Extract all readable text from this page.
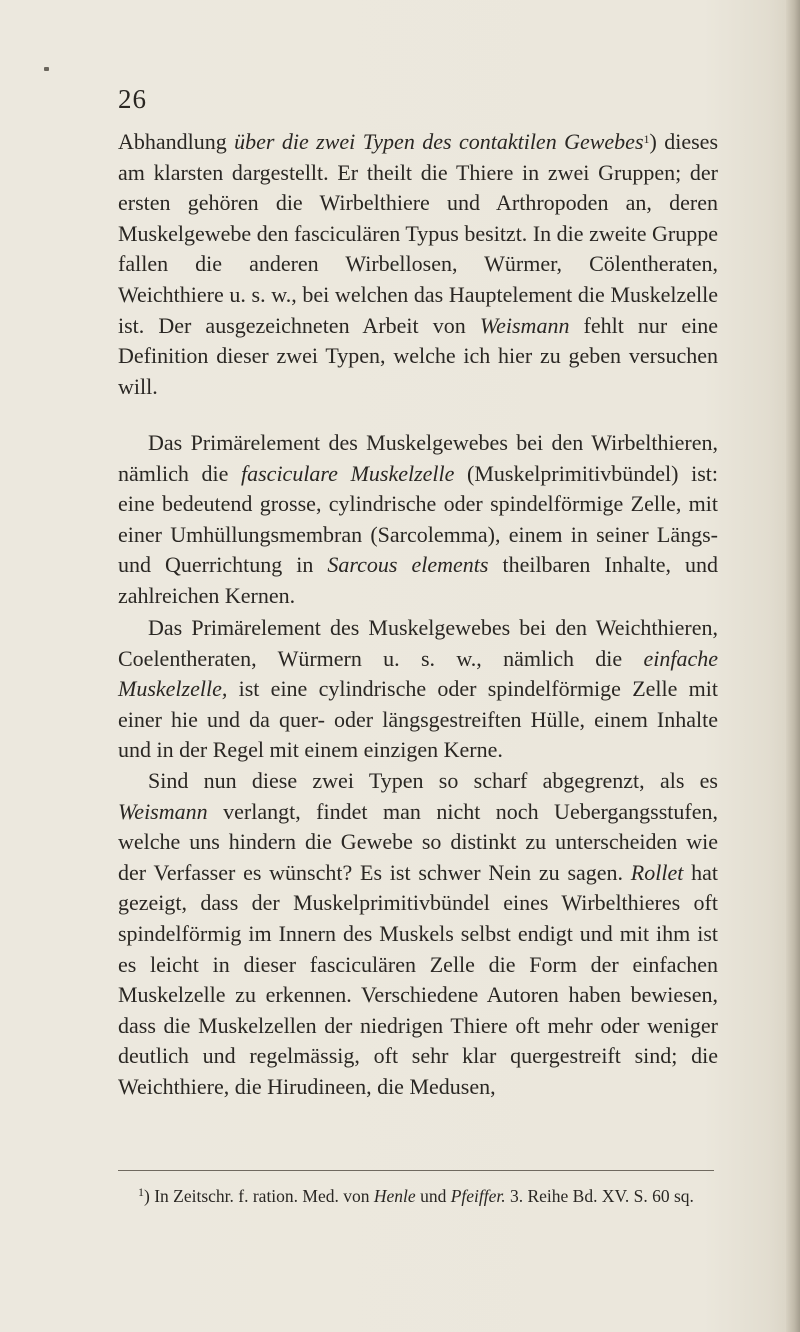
26

Abhandlung über die zwei Typen des contaktilen Gewebes$^1$) dieses am klarsten dargestellt. Er theilt die Thiere in zwei Gruppen; der ersten gehören die Wirbelthiere und Arthropoden an, deren Muskelgewebe den fasciculären Typus besitzt. In die zweite Gruppe fallen die anderen Wirbellosen, Würmer, Cölentheraten, Weichthiere u. s. w., bei welchen das Hauptelement die Muskelzelle ist. Der ausgezeichneten Arbeit von Weismann fehlt nur eine Definition dieser zwei Typen, welche ich hier zu geben versuchen will.

Das Primärelement des Muskelgewebes bei den Wirbelthieren, nämlich die fasciculare Muskelzelle (Muskelprimitivbündel) ist: eine bedeutend grosse, cylindrische oder spindelförmige Zelle, mit einer Umhüllungsmembran (Sarcolemma), einem in seiner Längs- und Querrichtung in Sarcous elements theilbaren Inhalte, und zahlreichen Kernen.

Das Primärelement des Muskelgewebes bei den Weichthieren, Coelentheraten, Würmern u. s. w., nämlich die einfache Muskelzelle, ist eine cylindrische oder spindelförmige Zelle mit einer hie und da quer- oder längsgestreiften Hülle, einem Inhalte und in der Regel mit einem einzigen Kerne.

Sind nun diese zwei Typen so scharf abgegrenzt, als es Weismann verlangt, findet man nicht noch Uebergangsstufen, welche uns hindern die Gewebe so distinkt zu unterscheiden wie der Verfasser es wünscht? Es ist schwer Nein zu sagen. Rollet hat gezeigt, dass der Muskelprimitivbündel eines Wirbelthieres oft spindelförmig im Innern des Muskels selbst endigt und mit ihm ist es leicht in dieser fasciculären Zelle die Form der einfachen Muskelzelle zu erkennen. Verschiedene Autoren haben bewiesen, dass die Muskelzellen der niedrigen Thiere oft mehr oder weniger deutlich und regelmässig, oft sehr klar quergestreift sind; die Weichthiere, die Hirudineen, die Medusen,

$^1$) In Zeitschr. f. ration. Med. von Henle und Pfeiffer. 3. Reihe Bd. XV. S. 60 sq.
